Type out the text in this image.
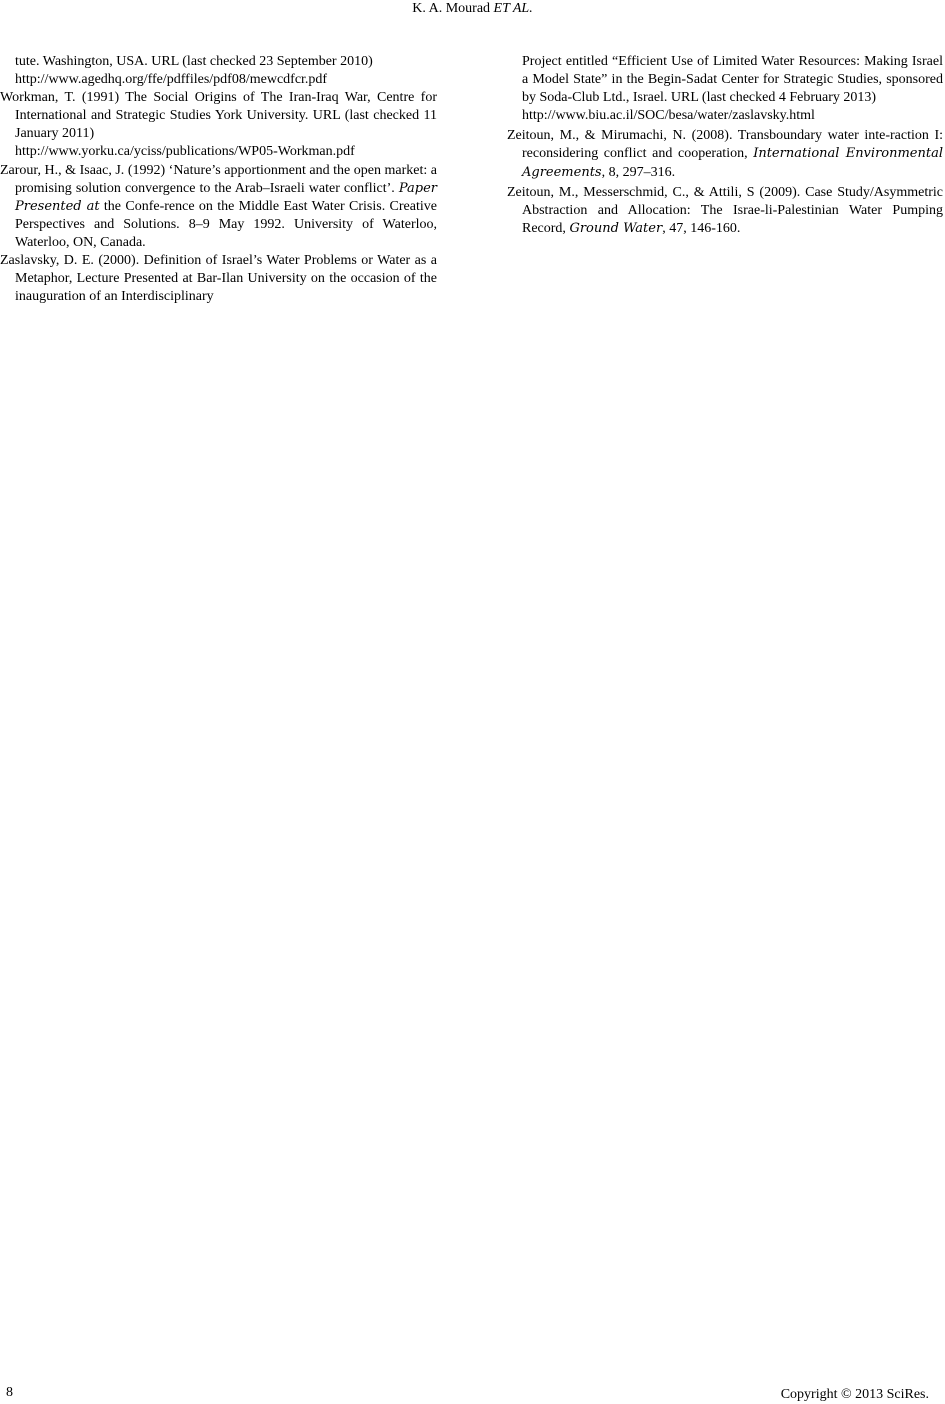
K. A. Mourad ET AL.

tute. Washington, USA. URL (last checked 23 September 2010)
http://www.agedhq.org/ffe/pdffiles/pdf08/mewcdfcr.pdf

Workman, T. (1991) The Social Origins of The Iran-Iraq War, Centre for International and Strategic Studies York University. URL (last checked 11 January 2011)
http://www.yorku.ca/yciss/publications/WP05-Workman.pdf

Zarour, H., & Isaac, J. (1992) ‘Nature’s apportionment and the open market: a promising solution convergence to the Arab–Israeli water conflict’. Paper Presented at the Confe-rence on the Middle East Water Crisis. Creative Perspectives and Solutions. 8–9 May 1992. University of Waterloo, Waterloo, ON, Canada.

Zaslavsky, D. E. (2000). Definition of Israel’s Water Problems or Water as a Metaphor, Lecture Presented at Bar-Ilan University on the occasion of the inauguration of an Interdisciplinary

Project entitled “Efficient Use of Limited Water Resources: Making Israel a Model State” in the Begin-Sadat Center for Strategic Studies, sponsored by Soda-Club Ltd., Israel. URL (last checked 4 February 2013)
http://www.biu.ac.il/SOC/besa/water/zaslavsky.html

Zeitoun, M., & Mirumachi, N. (2008). Transboundary water inte-raction I: reconsidering conflict and cooperation, International Environmental Agreements, 8, 297–316.

Zeitoun, M., Messerschmid, C., & Attili, S (2009). Case Study/Asymmetric Abstraction and Allocation: The Israe-li-Palestinian Water Pumping Record, Ground Water, 47, 146-160.

8	Copyright © 2013 SciRes.
